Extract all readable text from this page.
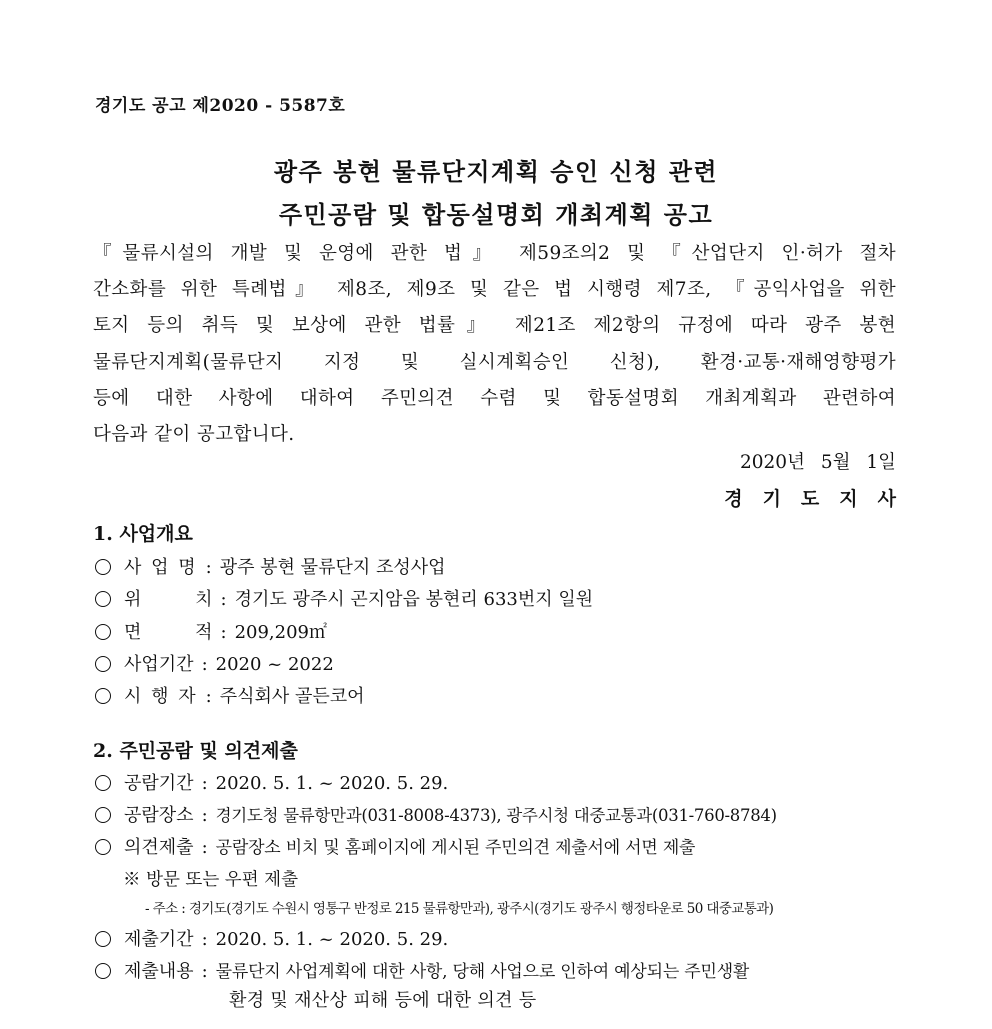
경기도 공고 제2020 - 5587호
광주 봉현 물류단지계획 승인 신청 관련
주민공람 및 합동설명회 개최계획 공고
『물류시설의 개발 및 운영에 관한 법』 제59조의2 및 『산업단지 인·허가 절차
간소화를 위한 특례법』 제8조, 제9조 및 같은 법 시행령 제7조, 『공익사업을 위한
토지 등의 취득 및 보상에 관한 법률』 제21조 제2항의 규정에 따라 광주 봉현
물류단지계획(물류단지 지정 및 실시계획승인 신청), 환경·교통·재해영향평가
등에 대한 사항에 대하여 주민의견 수렴 및 합동설명회 개최계획과 관련하여
다음과 같이 공고합니다.
2020년 5월 1일
경기도지사
1. 사업개요
사 업 명 : 광주 봉현 물류단지 조성사업
위 치 : 경기도 광주시 곤지암읍 봉현리 633번지 일원
면 적 : 209,209㎡
사업기간 : 2020 ~ 2022
시 행 자 : 주식회사 골든코어
2. 주민공람 및 의견제출
공람기간 : 2020. 5. 1. ~ 2020. 5. 29.
공람장소 : 경기도청 물류항만과(031-8008-4373), 광주시청 대중교통과(031-760-8784)
의견제출 : 공람장소 비치 및 홈페이지에 게시된 주민의견 제출서에 서면 제출
※ 방문 또는 우편 제출
- 주소 : 경기도(경기도 수원시 영통구 반정로 215 물류항만과), 광주시(경기도 광주시 행정타운로 50 대중교통과)
제출기간 : 2020. 5. 1. ~ 2020. 5. 29.
제출내용 : 물류단지 사업계획에 대한 사항, 당해 사업으로 인하여 예상되는 주민생활
환경 및 재산상 피해 등에 대한 의견 등
